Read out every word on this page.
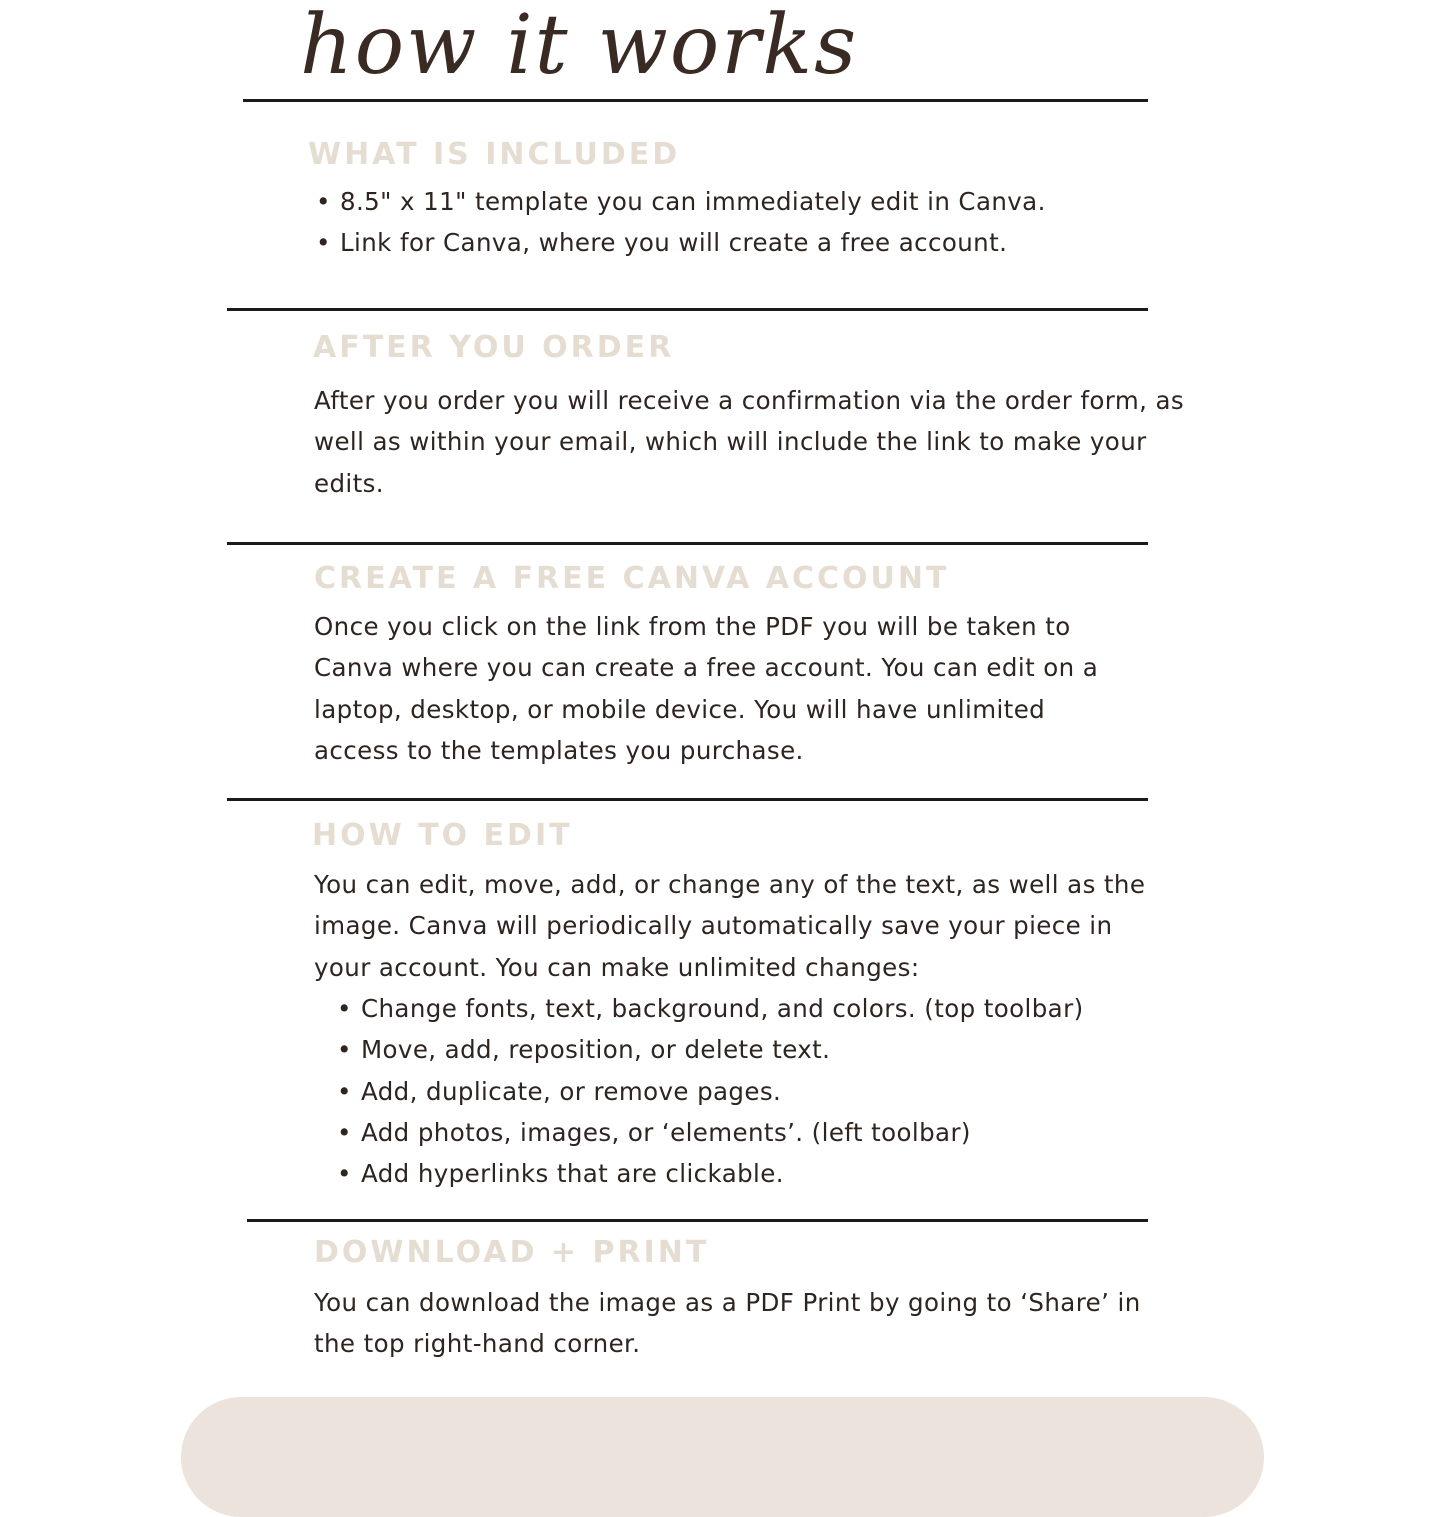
how it works
WHAT IS INCLUDED
• 8.5" x 11" template you can immediately edit in Canva.
• Link for Canva, where you will create a free account.
AFTER YOU ORDER

After you order you will receive a confirmation via the order form, as

well as within your email, which will include the link to make your

edits.

CREATE A FREE CANVA ACCOUNT

Once you click on the link from the PDF you will be taken to

Canva where you can create a free account. You can edit on a

laptop, desktop, or mobile device. You will have unlimited

access to the templates you purchase.

HOW TO EDIT

You can edit, move, add, or change any of the text, as well as the

image. Canva will periodically automatically save your piece in

your account. You can make unlimited changes:

• Change fonts, text, background, and colors. (top toolbar)
• Move, add, reposition, or delete text.
• Add, duplicate, or remove pages.
• Add photos, images, or ‘elements’. (left toolbar)
• Add hyperlinks that are clickable.
DOWNLOAD + PRINT

You can download the image as a PDF Print by going to ‘Share’ in

the top right-hand corner.
